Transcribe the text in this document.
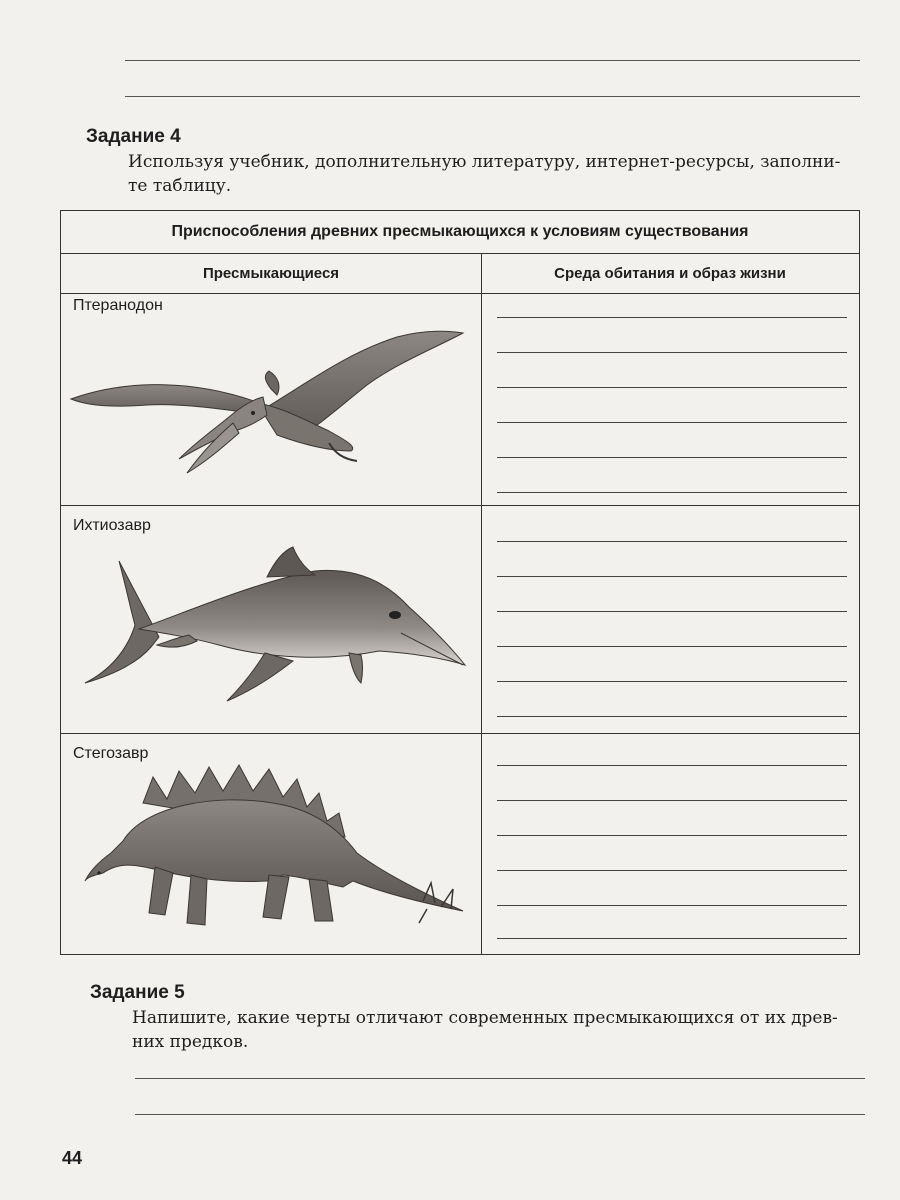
Задание 4
Используя учебник, дополнительную литературу, интернет-ресурсы, заполни-
те таблицу.
Приспособления древних пресмыкающихся к условиям существования
Пресмыкающиеся	Среда обитания и образ жизни
Птеранодон
Ихтиозавр
Стегозавр
Задание 5
Напишите, какие черты отличают современных пресмыкающихся от их древ-
них предков.
44
